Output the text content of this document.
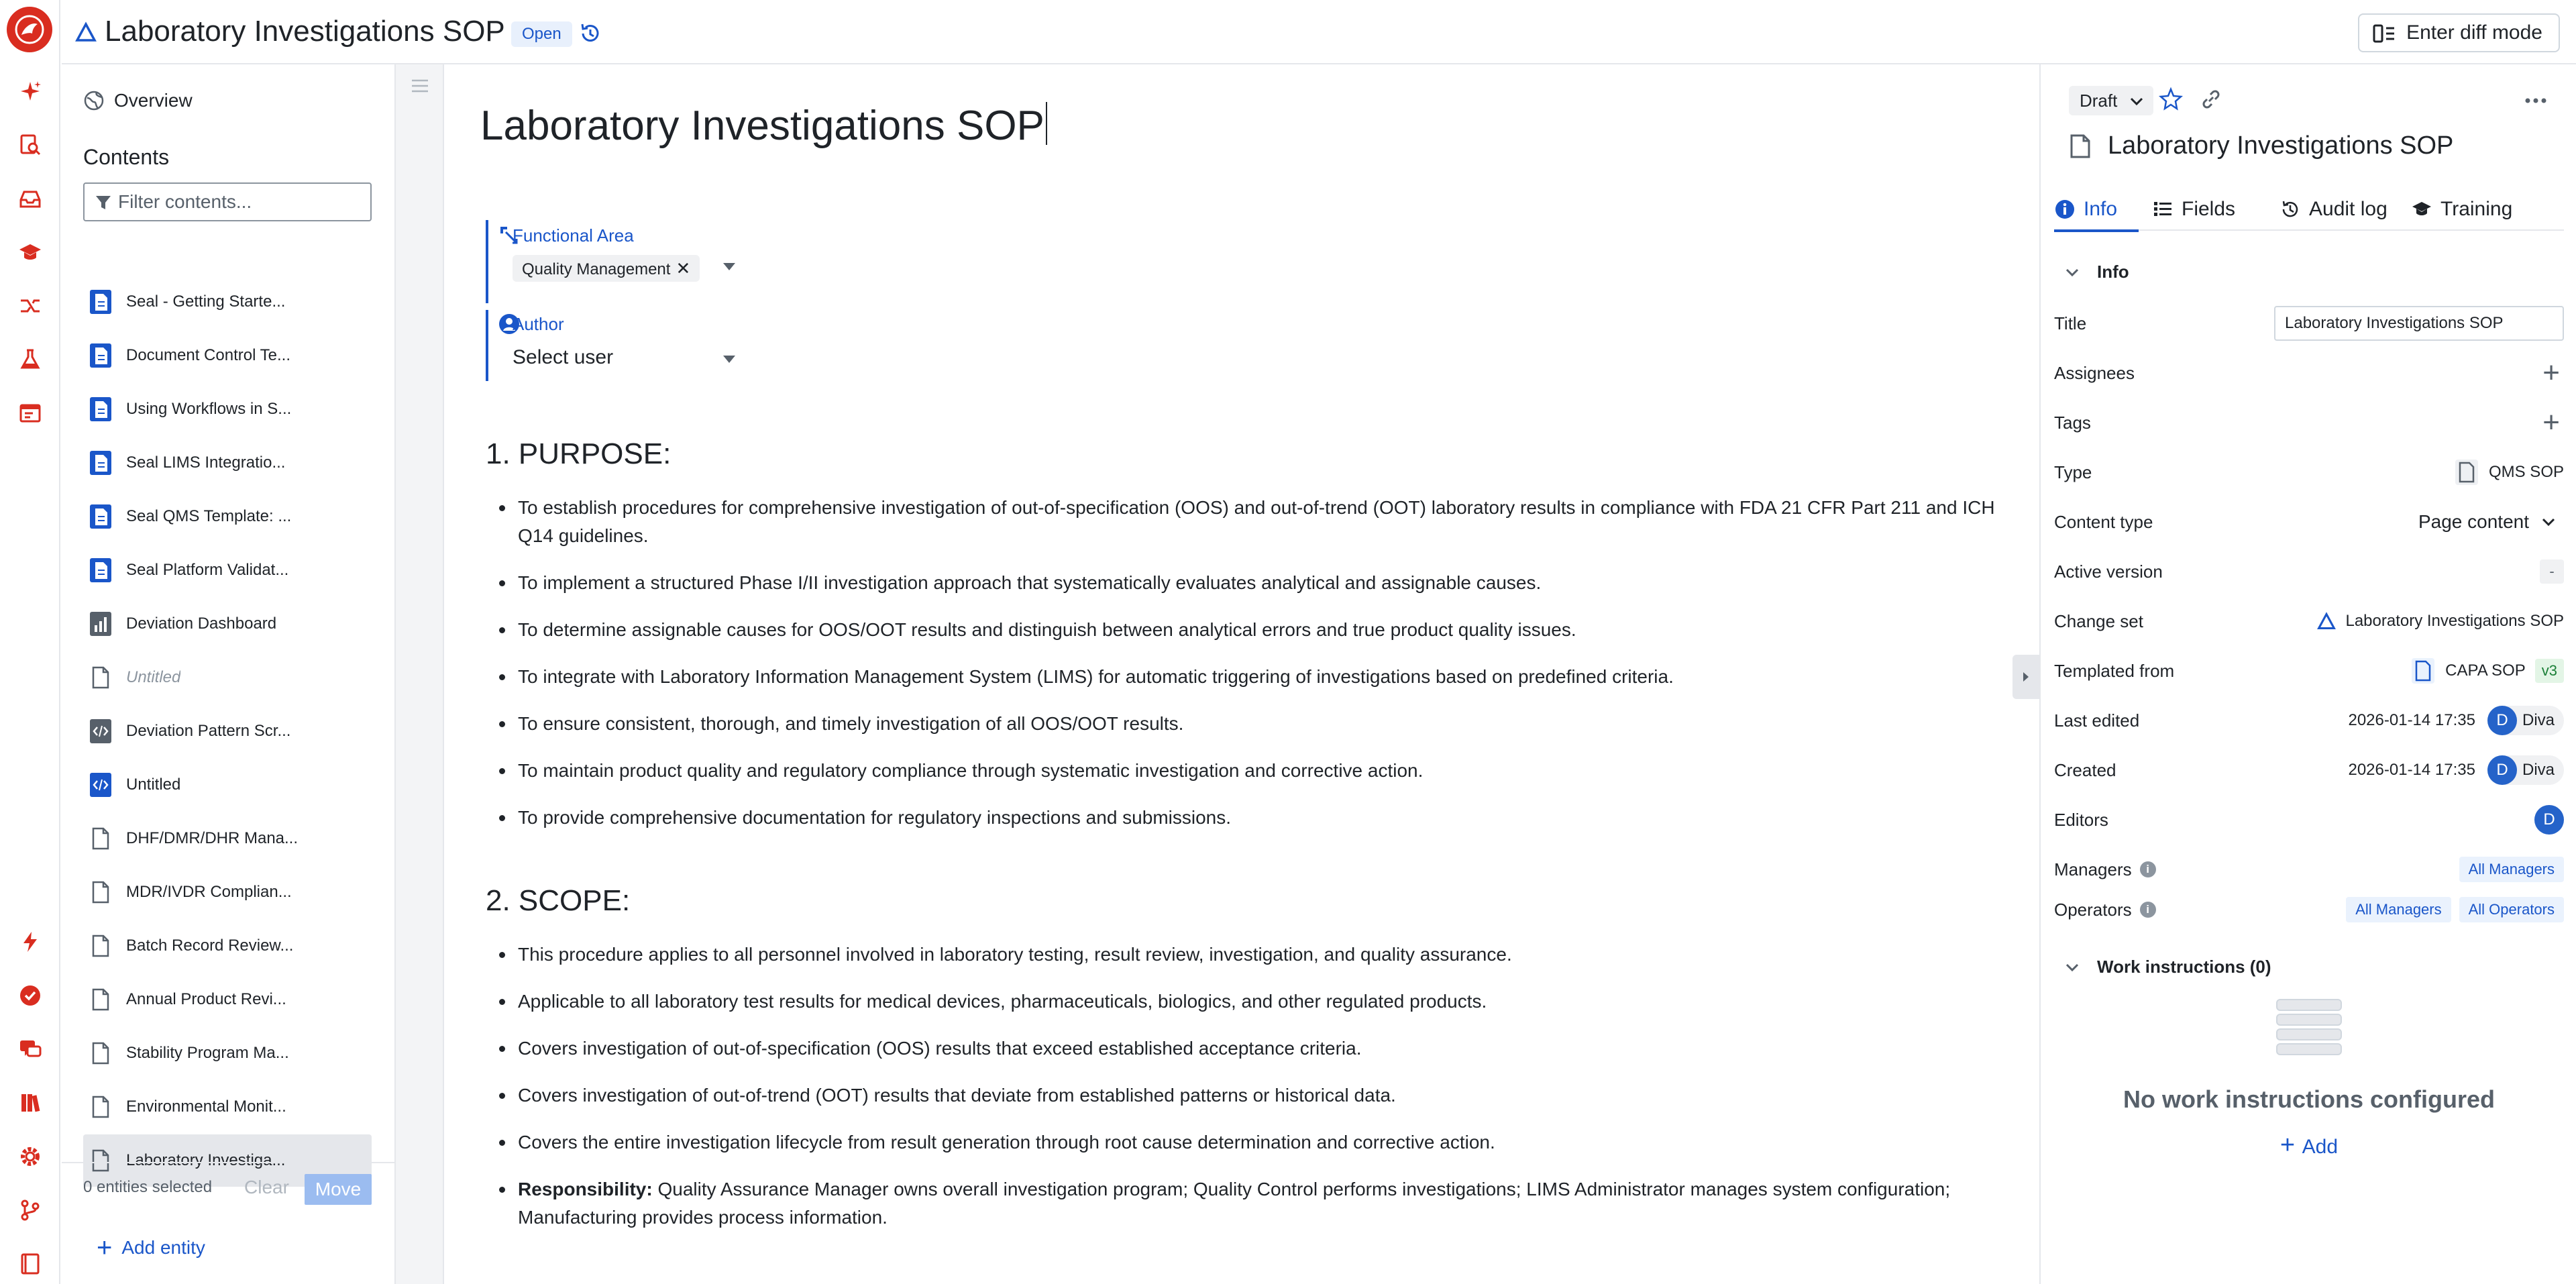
Laboratory Investigations SOP	Open	Enter diff mode
Overview
Contents
Filter contents...
Seal - Getting Starte...
Document Control Te...
Using Workflows in S...
Seal LIMS Integratio...
Seal QMS Template: ...
Seal Platform Validat...
Deviation Dashboard
Untitled
Deviation Pattern Scr...
Untitled
DHF/DMR/DHR Mana...
MDR/IVDR Complian...
Batch Record Review...
Annual Product Revi...
Stability Program Ma...
Environmental Monit...
Laboratory Investiga...
0 entities selected Clear	Move
+ Add entity
Laboratory Investigations SOP
Functional Area
Quality Management ✕
Author
Select user
1. PURPOSE:
To establish procedures for comprehensive investigation of out-of-specification (OOS) and out-of-trend (OOT) laboratory results in compliance with FDA 21 CFR Part 211 and ICH Q14 guidelines.
To implement a structured Phase I/II investigation approach that systematically evaluates analytical and assignable causes.
To determine assignable causes for OOS/OOT results and distinguish between analytical errors and true product quality issues.
To integrate with Laboratory Information Management System (LIMS) for automatic triggering of investigations based on predefined criteria.
To ensure consistent, thorough, and timely investigation of all OOS/OOT results.
To maintain product quality and regulatory compliance through systematic investigation and corrective action.
To provide comprehensive documentation for regulatory inspections and submissions.
2. SCOPE:
This procedure applies to all personnel involved in laboratory testing, result review, investigation, and quality assurance.
Applicable to all laboratory test results for medical devices, pharmaceuticals, biologics, and other regulated products.
Covers investigation of out-of-specification (OOS) results that exceed established acceptance criteria.
Covers investigation of out-of-trend (OOT) results that deviate from established patterns or historical data.
Covers the entire investigation lifecycle from result generation through root cause determination and corrective action.
Responsibility: Quality Assurance Manager owns overall investigation program; Quality Control performs investigations; LIMS Administrator manages system configuration; Manufacturing provides process information.
Draft
Laboratory Investigations SOP
Info	Fields	Audit log	Training
Info
Title
Laboratory Investigations SOP
Assignees	+
Tags	+
Type	QMS SOP
Content type	Page content
Active version	-
Change set	Laboratory Investigations SOP
Templated from	CAPA SOP	v3
Last edited	2026-01-14 17:35	D Diva
Created	2026-01-14 17:35	D Diva
Editors	D
Managers	i	All Managers
Operators	i	All Managers	All Operators
Work instructions (0)
No work instructions configured
+ Add
